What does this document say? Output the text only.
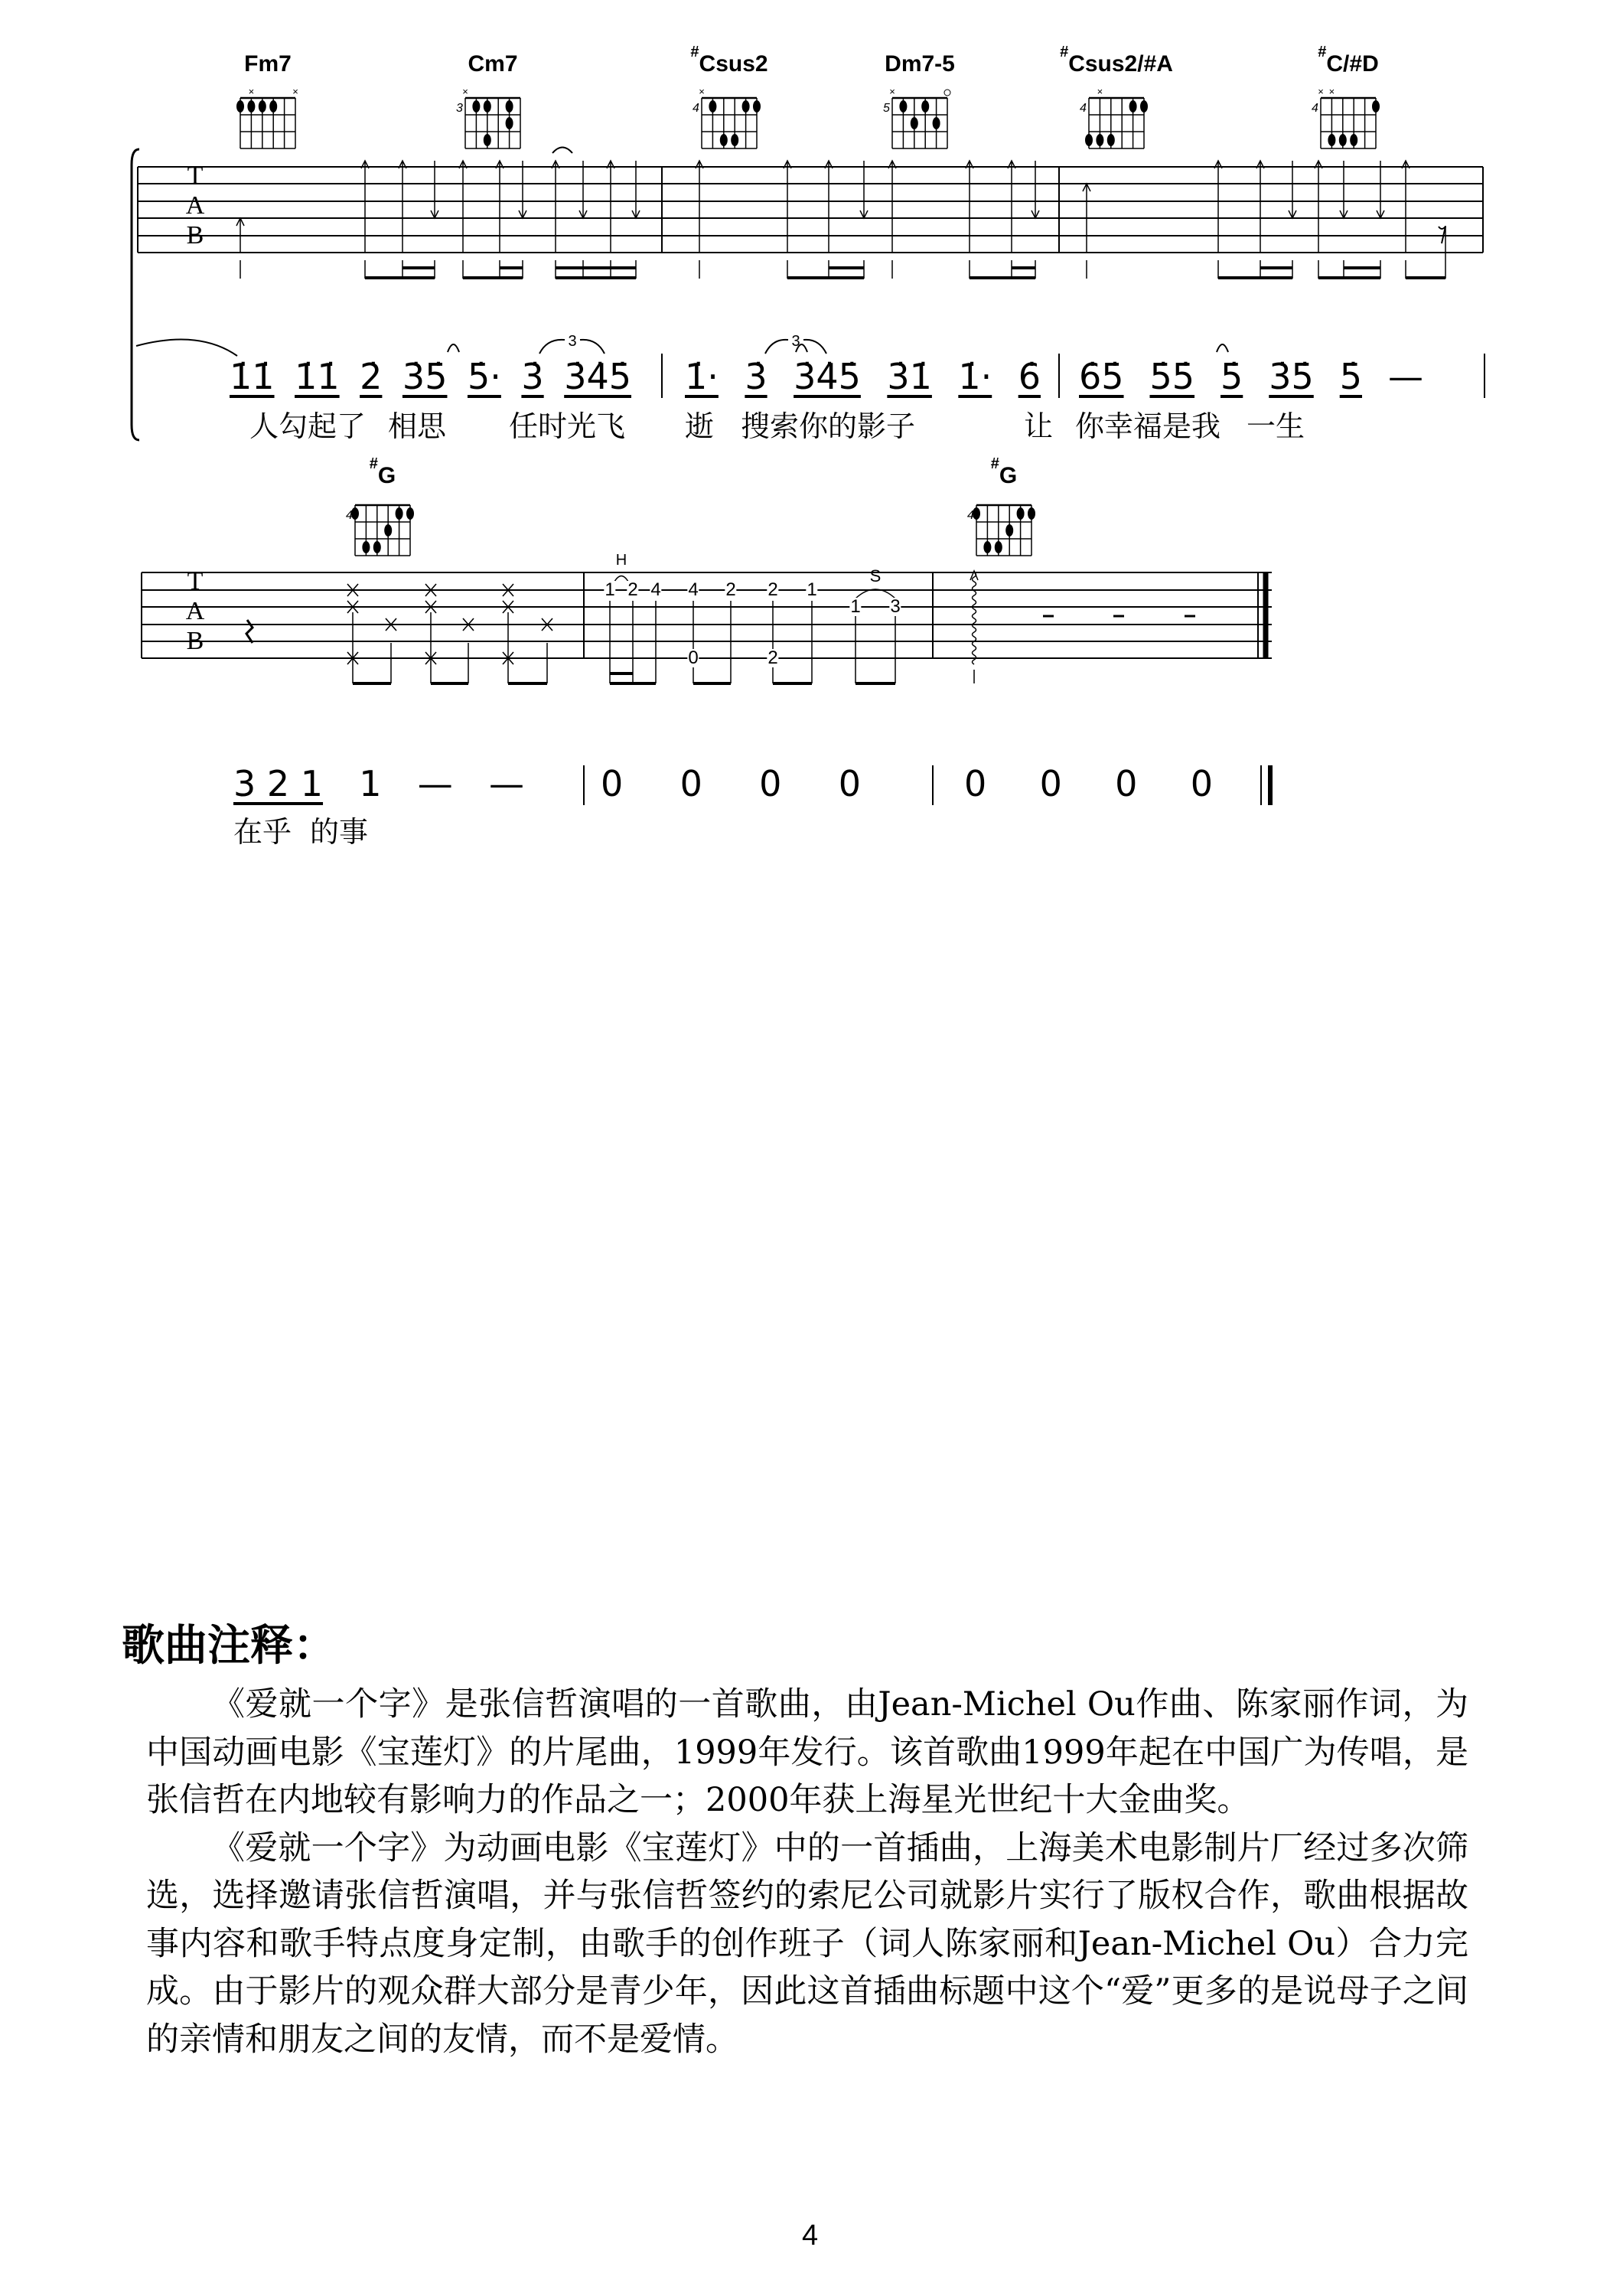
Fm7
×	×
Cm7
×
3
#Csus2
×
4
Dm7-5
×
5
#Csus2/#A
×
4
#C/#D
× ×
4
T
A
B
1̇1̇ 1̇1̇ 2̇ 3̇5̇ 5̇· 3̇ 3̇4̇5̇ 1̇· 3̇ 3̇4̇5̇ 3̇1̇ 1̇· 6̇ 6̇5̇ 5̇5̇ 5̇ 3̇5̇ 5̇ —
3	3
人勾起了 相思 任时光飞 逝 搜索你的影子	让 你幸福是我 一生
#G
4
#G
4
T
A
B
H
S
1 2 4 4
0
2 2
2
1
1 3
3 2 1 1 — — 0 0 0 0	0 0 0 0
在乎 的事
歌曲注释：

《爱就一个字》是张信哲演唱的一首歌曲，由Jean-Michel Ou作曲、陈家丽作词，为中国动画电影《宝莲灯》的片尾曲，1999年发行。该首歌曲1999年起在中国广为传唱，是张信哲在内地较有影响力的作品之一；2000年获上海星光世纪十大金曲奖。

《爱就一个字》为动画电影《宝莲灯》中的一首插曲，上海美术电影制片厂经过多次筛选，选择邀请张信哲演唱，并与张信哲签约的索尼公司就影片实行了版权合作，歌曲根据故事内容和歌手特点度身定制，由歌手的创作班子（词人陈家丽和Jean-Michel Ou）合力完成。由于影片的观众群大部分是青少年，因此这首插曲标题中这个“爱”更多的是说母子之间的亲情和朋友之间的友情，而不是爱情。

4
